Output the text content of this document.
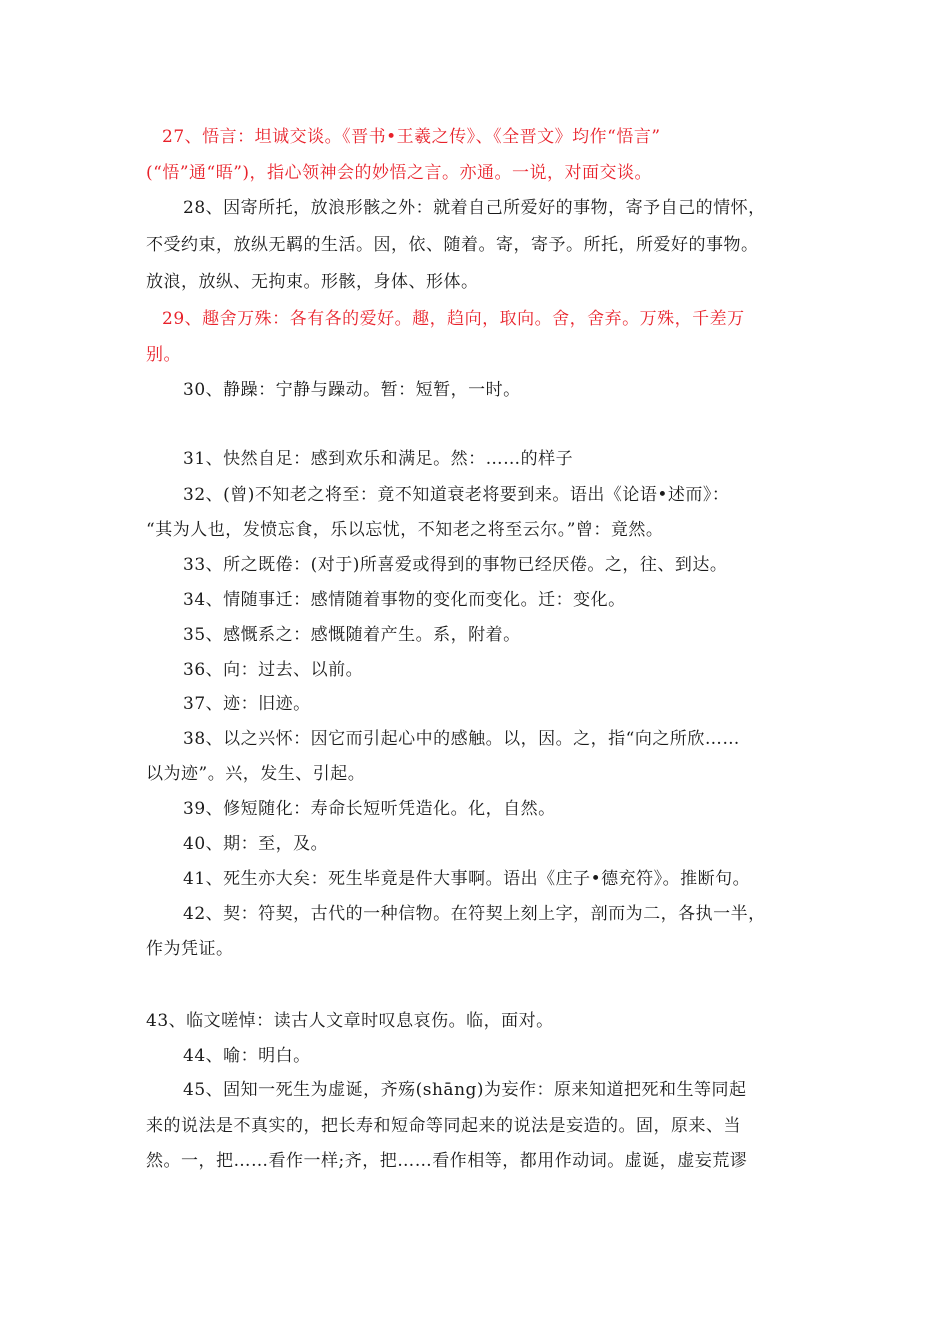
27、悟言：坦诚交谈。《晋书•王羲之传》、《全晋文》均作“悟言”
(“悟”通“晤”)，指心领神会的妙悟之言。亦通。一说，对面交谈。
28、因寄所托，放浪形骸之外：就着自己所爱好的事物，寄予自己的情怀，
不受约束，放纵无羁的生活。因，依、随着。寄，寄予。所托，所爱好的事物。
放浪，放纵、无拘束。形骸，身体、形体。
29、趣舍万殊：各有各的爱好。趣，趋向，取向。舍，舍弃。万殊，千差万
别。
30、静躁：宁静与躁动。暂：短暂，一时。
31、快然自足：感到欢乐和满足。然：……的样子
32、(曾)不知老之将至：竟不知道衰老将要到来。语出《论语•述而》：
“其为人也，发愤忘食，乐以忘忧，不知老之将至云尔。”曾：竟然。
33、所之既倦：(对于)所喜爱或得到的事物已经厌倦。之，往、到达。
34、情随事迁：感情随着事物的变化而变化。迁：变化。
35、感慨系之：感慨随着产生。系，附着。
36、向：过去、以前。
37、迹：旧迹。
38、以之兴怀：因它而引起心中的感触。以，因。之，指“向之所欣……
以为迹”。兴，发生、引起。
39、修短随化：寿命长短听凭造化。化，自然。
40、期：至，及。
41、死生亦大矣：死生毕竟是件大事啊。语出《庄子•德充符》。推断句。
42、契：符契，古代的一种信物。在符契上刻上字，剖而为二，各执一半，
作为凭证。
43、临文嗟悼：读古人文章时叹息哀伤。临，面对。
44、喻：明白。
45、固知一死生为虚诞，齐殇(shāng)为妄作：原来知道把死和生等同起
来的说法是不真实的，把长寿和短命等同起来的说法是妄造的。固，原来、当
然。一，把……看作一样;齐，把……看作相等，都用作动词。虚诞，虚妄荒谬
